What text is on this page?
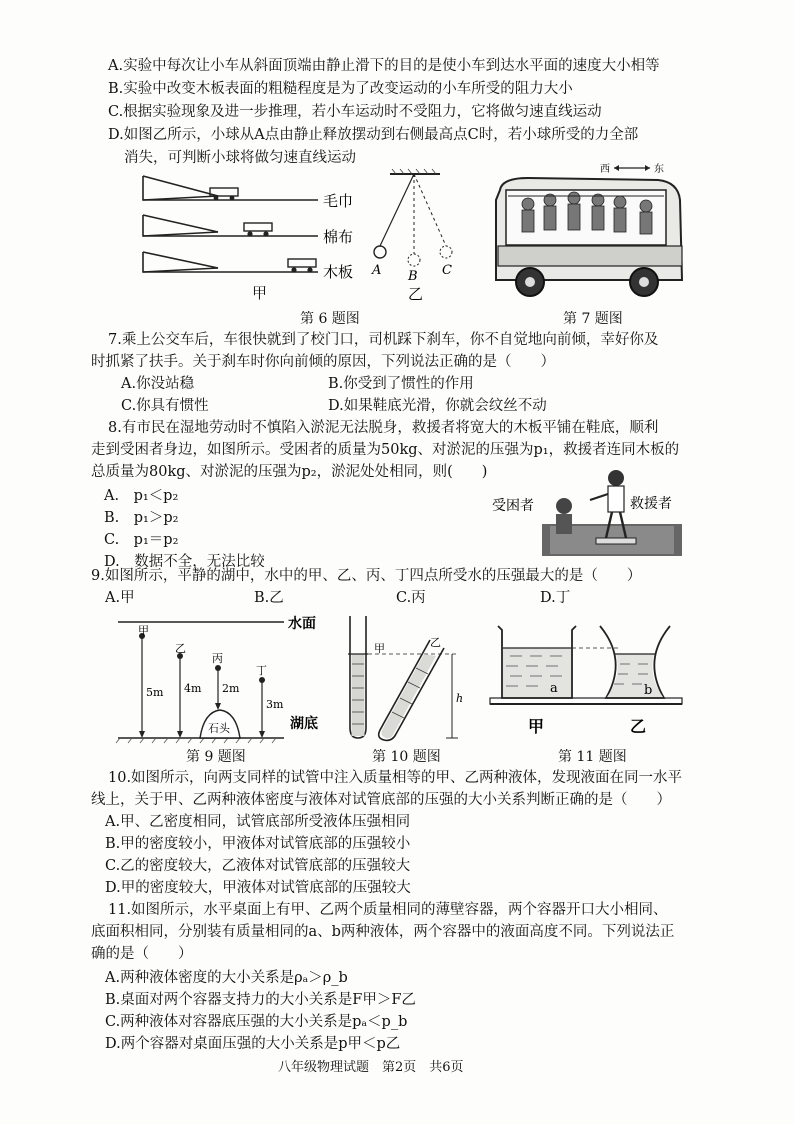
A.实验中每次让小车从斜面顶端由静止滑下的目的是使小车到达水平面的速度大小相等
B.实验中改变木板表面的粗糙程度是为了改变运动的小车所受的阻力大小
C.根据实验现象及进一步推理，若小车运动时不受阻力，它将做匀速直线运动
D.如图乙所示，小球从A点由静止释放摆动到右侧最高点C时，若小球所受的力全部
消失，可判断小球将做匀速直线运动
毛巾
棉布
木板
甲
A B C
乙
第 6 题图
西	东
第 7 题图
7.乘上公交车后，车很快就到了校门口，司机踩下刹车，你不自觉地向前倾，幸好你及
时抓紧了扶手。关于刹车时你向前倾的原因，下列说法正确的是（　　）
A.你没站稳	B.你受到了惯性的作用
C.你具有惯性	D.如果鞋底光滑，你就会纹丝不动
8.有市民在湿地劳动时不慎陷入淤泥无法脱身，救援者将宽大的木板平铺在鞋底，顺利
走到受困者身边，如图所示。受困者的质量为50kg、对淤泥的压强为p₁，救援者连同木板的
总质量为80kg、对淤泥的压强为p₂，淤泥处处相同，则(　　)
A.　p₁＜p₂
B.　p₁＞p₂
C.　p₁＝p₂
D.　数据不全，无法比较
受困者	救援者
9.如图所示，平静的湖中，水中的甲、乙、丙、丁四点所受水的压强最大的是（　　）
A.甲	B.乙	C.丙	D.丁
水面
湖底
石头
甲
乙
丙
丁
5m 4m 2m
3m
第 9 题图
甲	乙
h
第 10 题图
a	b
甲	乙
第 11 题图
10.如图所示，向两支同样的试管中注入质量相等的甲、乙两种液体，发现液面在同一水平
线上，关于甲、乙两种液体密度与液体对试管底部的压强的大小关系判断正确的是（　　）
A.甲、乙密度相同，试管底部所受液体压强相同
B.甲的密度较小，甲液体对试管底部的压强较小
C.乙的密度较大，乙液体对试管底部的压强较大
D.甲的密度较大，甲液体对试管底部的压强较大
11.如图所示，水平桌面上有甲、乙两个质量相同的薄壁容器，两个容器开口大小相同、
底面积相同，分别装有质量相同的a、b两种液体，两个容器中的液面高度不同。下列说法正
确的是（　　）
A.两种液体密度的大小关系是ρₐ＞ρ_b
B.桌面对两个容器支持力的大小关系是F甲＞F乙
C.两种液体对容器底压强的大小关系是pₐ＜p_b
D.两个容器对桌面压强的大小关系是p甲＜p乙
八年级物理试题　第2页　共6页
